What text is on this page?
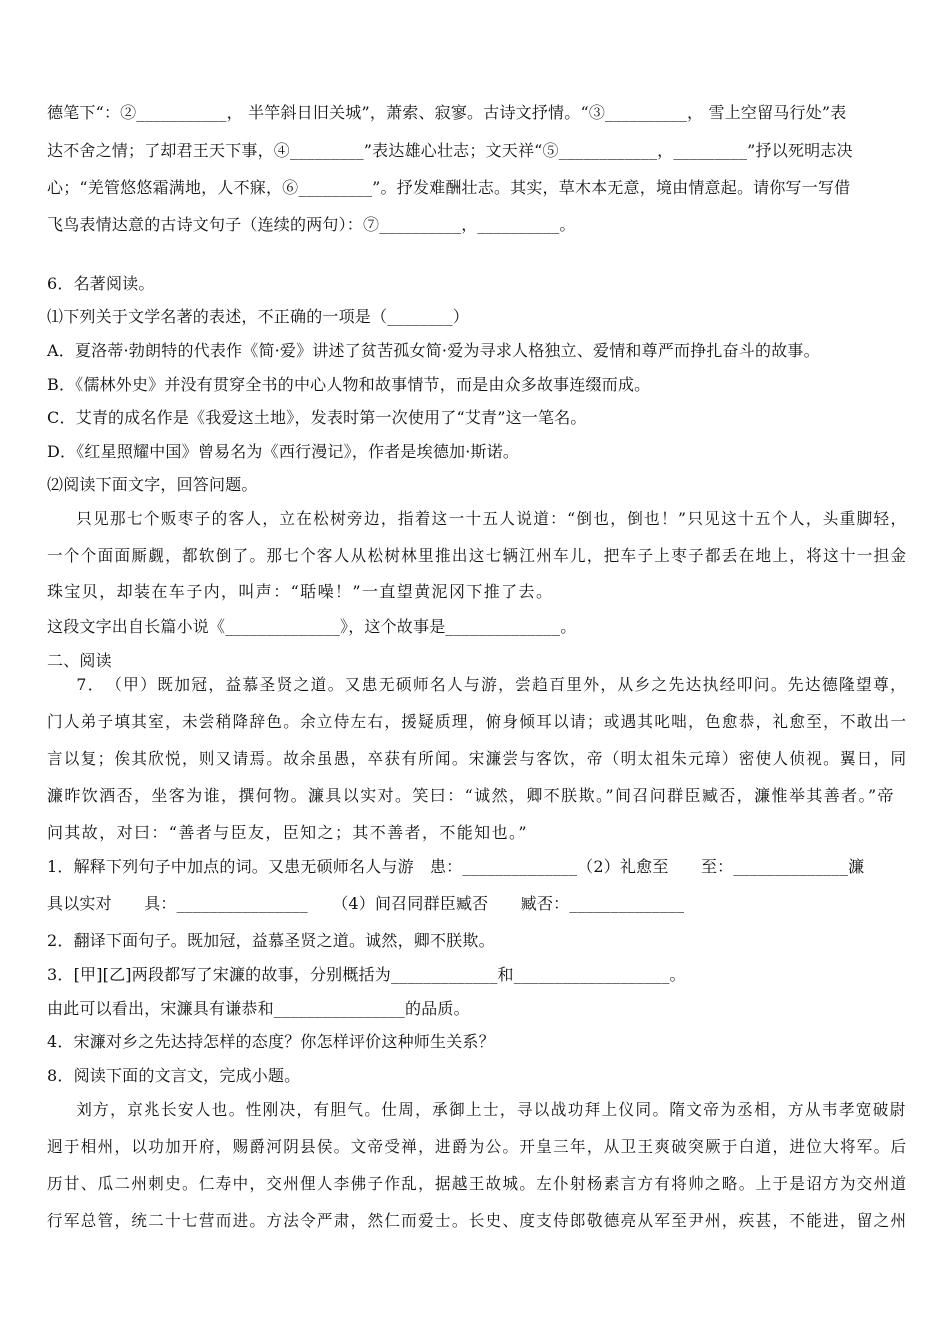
德笔下“：②___________， 半竿斜日旧关城”，萧索、寂寥。古诗文抒情。“③__________， 雪上空留马行处”表
达不舍之情；了却君王天下事，④_________”表达雄心壮志；文天祥“⑤____________，_________”抒以死明志决
心；“羌管悠悠霜满地，人不寐，⑥_________”。抒发难酬壮志。其实，草木本无意，境由情意起。请你写一写借
飞鸟表情达意的古诗文句子（连续的两句）：⑦__________，__________。
6．名著阅读。
⑴下列关于文学名著的表述，不正确的一项是（________）
A．夏洛蒂·勃朗特的代表作《简·爱》讲述了贫苦孤女简·爱为寻求人格独立、爱情和尊严而挣扎奋斗的故事。
B．《儒林外史》并没有贯穿全书的中心人物和故事情节，而是由众多故事连缀而成。
C．艾青的成名作是《我爱这土地》，发表时第一次使用了“艾青”这一笔名。
D．《红星照耀中国》曾易名为《西行漫记》，作者是埃德加·斯诺。
⑵阅读下面文字，回答问题。
只见那七个贩枣子的客人，立在松树旁边，指着这一十五人说道：“倒也，倒也！”只见这十五个人，头重脚轻，
一个个面面厮觑，都软倒了。那七个客人从松树林里推出这七辆江州车儿，把车子上枣子都丢在地上，将这十一担金
珠宝贝，却装在车子内，叫声：“聒噪！”一直望黄泥冈下推了去。
这段文字出自长篇小说《______________》，这个故事是______________。
二、阅读
7．　（甲）既加冠，益慕圣贤之道。又患无硕师名人与游，尝趋百里外，从乡之先达执经叩问。先达德隆望尊，
门人弟子填其室，未尝稍降辞色。余立侍左右，援疑质理，俯身倾耳以请；或遇其叱咄，色愈恭，礼愈至，不敢出一
言以复；俟其欣悦，则又请焉。故余虽愚，卒获有所闻。宋濂尝与客饮，帝（明太祖朱元璋）密使人侦视。翼日，同
濂昨饮酒否，坐客为谁，撰何物。濂具以实对。笑曰：“诚然，卿不朕欺。”间召问群臣臧否，濂惟举其善者。”帝
问其故，对曰：“善者与臣友，臣知之；其不善者，不能知也。”
1．解释下列句子中加点的词。又患无硕师名人与游　患：______________（2）礼愈至　　至：______________濂
具以实对　　具：________________　　（4）间召同群臣臧否　　臧否：______________
2．翻译下面句子。既加冠，益慕圣贤之道。诚然，卿不朕欺。
3．[甲][乙]两段都写了宋濂的故事，分别概括为_____________和___________________。
由此可以看出，宋濂具有谦恭和________________的品质。
4．宋濂对乡之先达持怎样的态度？你怎样评价这种师生关系？
8．阅读下面的文言文，完成小题。
刘方，京兆长安人也。性刚决，有胆气。仕周，承御上士，寻以战功拜上仪同。隋文帝为丞相，方从韦孝宽破尉
迥于相州，以功加开府，赐爵河阴县侯。文帝受禅，进爵为公。开皇三年，从卫王爽破突厥于白道，进位大将军。后
历甘、瓜二州刺史。仁寿中，交州俚人李佛子作乱，据越王故城。左仆射杨素言方有将帅之略。上于是诏方为交州道
行军总管，统二十七营而进。方法令严肃，然仁而爱士。长史、度支侍郎敬德亮从军至尹州，疾甚，不能进，留之州
